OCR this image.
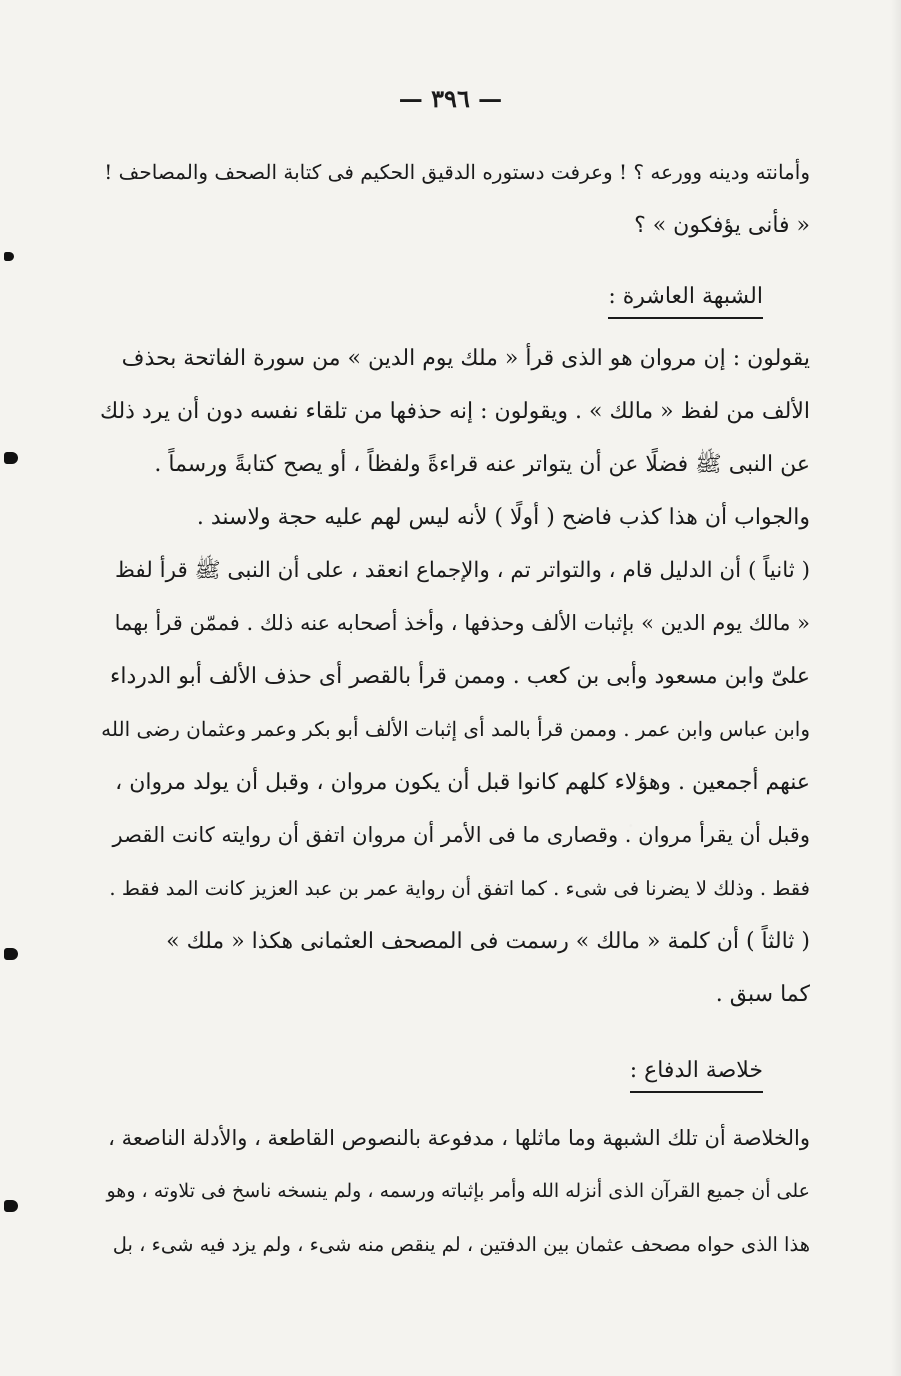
— ٣٩٦ —
وأمانته ودينه وورعه ؟ ! وعرفت دستوره الدقيق الحكيم فى كتابة الصحف والمصاحف !
« فأنى يؤفكون » ؟
الشبهة العاشرة :
يقولون : إن مروان هو الذى قرأ « ملك يوم الدين » من سورة الفاتحة بحذف
الألف من لفظ « مالك » . ويقولون : إنه حذفها من تلقاء نفسه دون أن يرد ذلك
عن النبى ﷺ فضلًا عن أن يتواتر عنه قراءةً ولفظاً ، أو يصح كتابةً ورسماً .
والجواب أن هذا كذب فاضح ( أولًا ) لأنه ليس لهم عليه حجة ولاسند .
( ثانياً ) أن الدليل قام ، والتواتر تم ، والإجماع انعقد ، على أن النبى ﷺ قرأ لفظ
« مالك يوم الدين » بإثبات الألف وحذفها ، وأخذ أصحابه عنه ذلك . فممّن قرأ بهما
علىّ وابن مسعود وأبى بن كعب . وممن قرأ بالقصر أى حذف الألف أبو الدرداء
وابن عباس وابن عمر . وممن قرأ بالمد أى إثبات الألف أبو بكر وعمر وعثمان رضى الله
عنهم أجمعين . وهؤلاء كلهم كانوا قبل أن يكون مروان ، وقبل أن يولد مروان ،
وقبل أن يقرأ مروان . وقصارى ما فى الأمر أن مروان اتفق أن روايته كانت القصر
فقط . وذلك لا يضرنا فى شىء . كما اتفق أن رواية عمر بن عبد العزيز كانت المد فقط .
( ثالثاً ) أن كلمة « مالك » رسمت فى المصحف العثمانى هكذا « ملك »
كما سبق .
خلاصة الدفاع :
والخلاصة أن تلك الشبهة وما ماثلها ، مدفوعة بالنصوص القاطعة ، والأدلة الناصعة ،
على أن جميع القرآن الذى أنزله الله وأمر بإثباته ورسمه ، ولم ينسخه ناسخ فى تلاوته ، وهو
هذا الذى حواه مصحف عثمان بين الدفتين ، لم ينقص منه شىء ، ولم يزد فيه شىء ، بل
